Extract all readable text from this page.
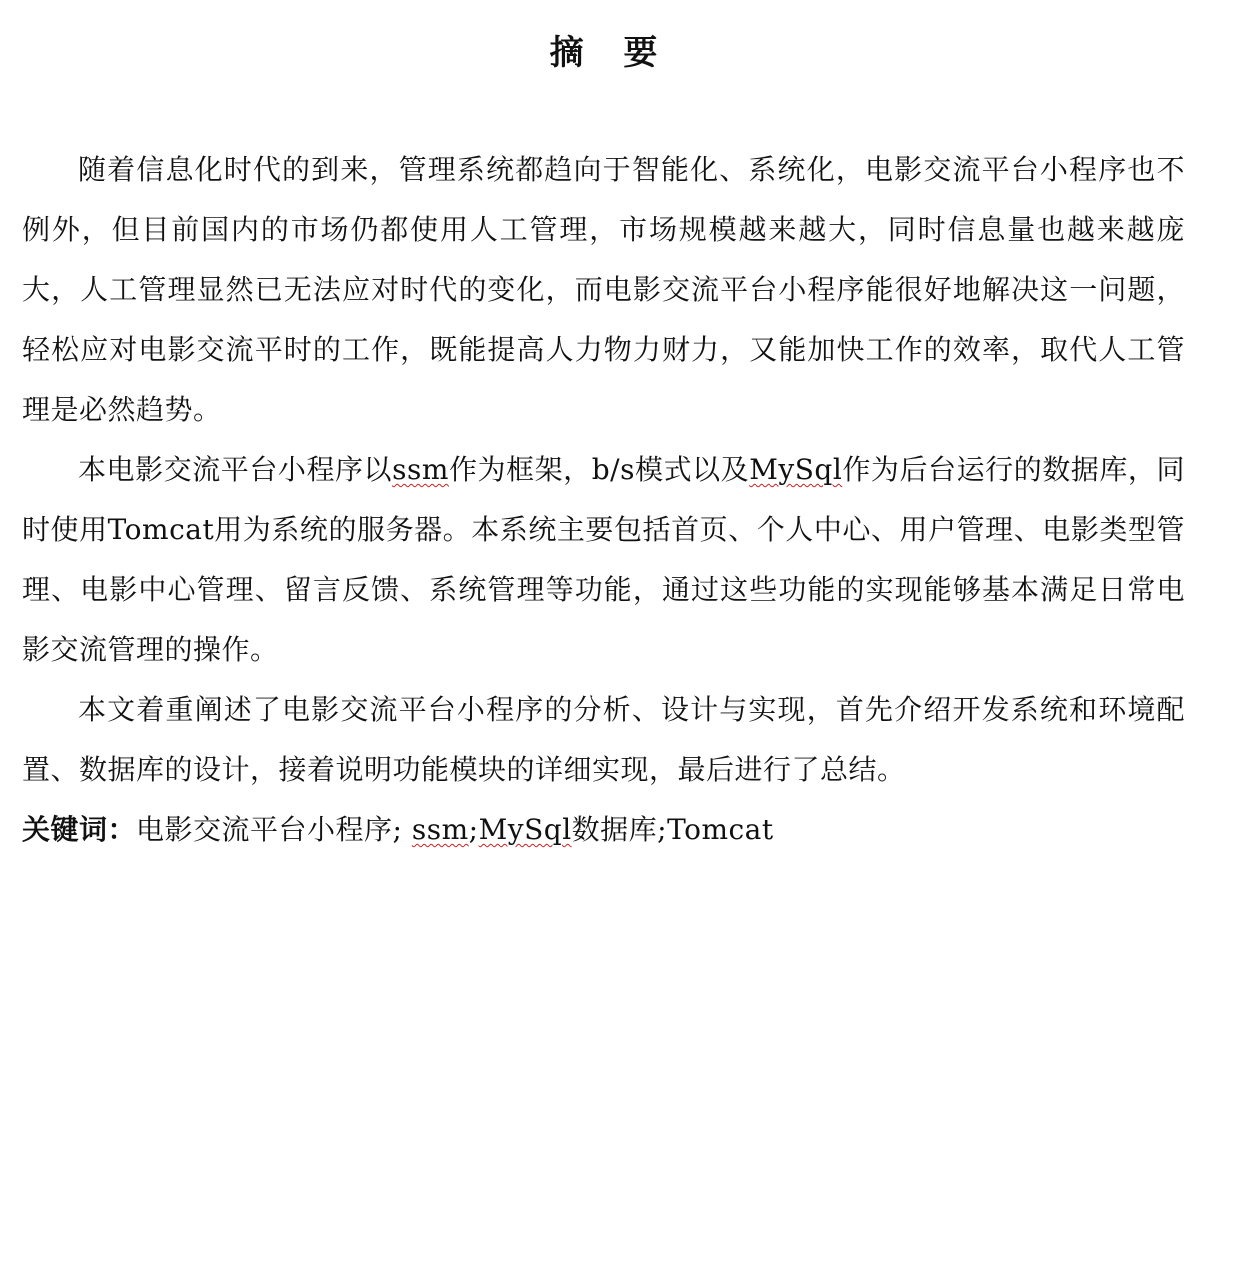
摘 要

随着信息化时代的到来，管理系统都趋向于智能化、系统化，电影交流平台小程序也不例外，但目前国内的市场仍都使用人工管理，市场规模越来越大，同时信息量也越来越庞大，人工管理显然已无法应对时代的变化，而电影交流平台小程序能很好地解决这一问题，轻松应对电影交流平时的工作，既能提高人力物力财力，又能加快工作的效率，取代人工管理是必然趋势。

本电影交流平台小程序以ssm作为框架，b/s模式以及MySql作为后台运行的数据库，同时使用Tomcat用为系统的服务器。本系统主要包括首页、个人中心、用户管理、电影类型管理、电影中心管理、留言反馈、系统管理等功能，通过这些功能的实现能够基本满足日常电影交流管理的操作。

本文着重阐述了电影交流平台小程序的分析、设计与实现，首先介绍开发系统和环境配置、数据库的设计，接着说明功能模块的详细实现，最后进行了总结。

关键词：电影交流平台小程序; ssm;MySql数据库;Tomcat
